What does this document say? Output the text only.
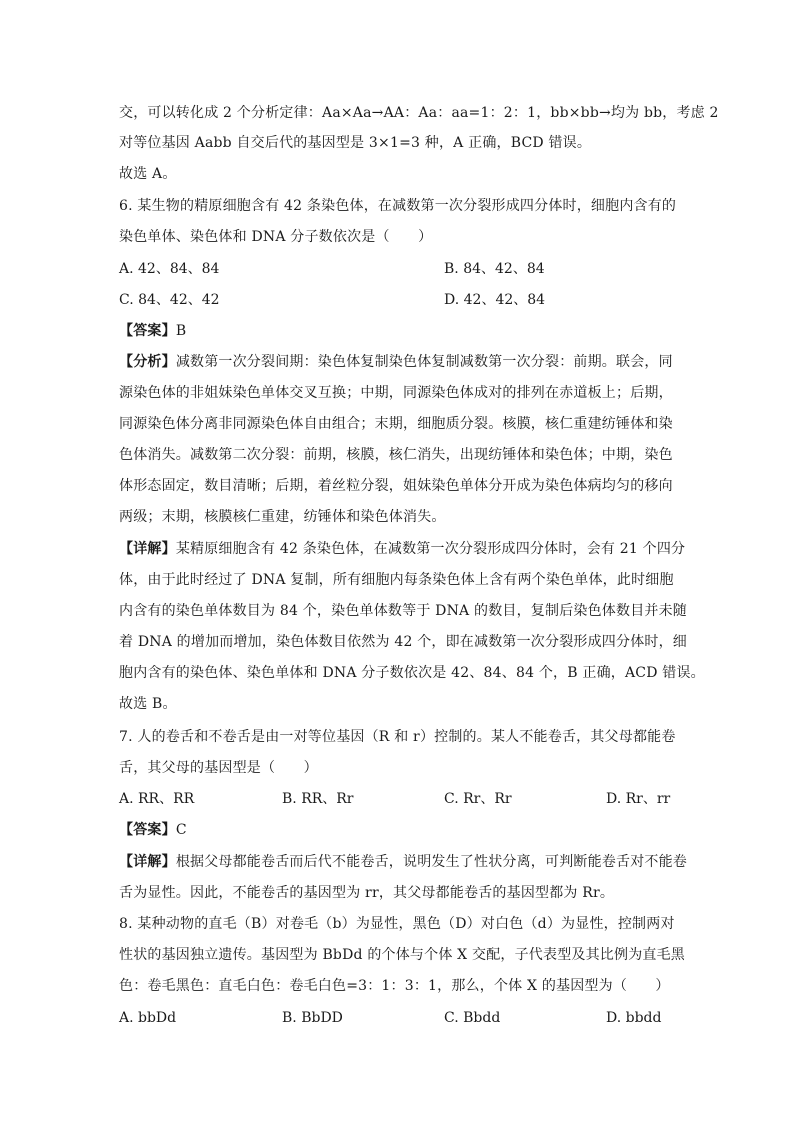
交，可以转化成 2 个分析定律：Aa×Aa→AA：Aa：aa=1：2：1，bb×bb→均为 bb，考虑 2
对等位基因 Aabb 自交后代的基因型是 3×1=3 种，A 正确，BCD 错误。
故选 A。
6. 某生物的精原细胞含有 42 条染色体，在减数第一次分裂形成四分体时，细胞内含有的
染色单体、染色体和 DNA 分子数依次是（　　）
A. 42、84、84	B. 84、42、84
C. 84、42、42	D. 42、42、84
【答案】B
【分析】减数第一次分裂间期：染色体复制染色体复制减数第一次分裂：前期。联会，同
源染色体的非姐妹染色单体交叉互换；中期，同源染色体成对的排列在赤道板上；后期，
同源染色体分离非同源染色体自由组合；末期，细胞质分裂。核膜，核仁重建纺锤体和染
色体消失。减数第二次分裂：前期，核膜，核仁消失，出现纺锤体和染色体；中期，染色
体形态固定，数目清晰；后期，着丝粒分裂，姐妹染色单体分开成为染色体病均匀的移向
两级；末期，核膜核仁重建，纺锤体和染色体消失。
【详解】某精原细胞含有 42 条染色体，在减数第一次分裂形成四分体时，会有 21 个四分
体，由于此时经过了 DNA 复制，所有细胞内每条染色体上含有两个染色单体，此时细胞
内含有的染色单体数目为 84 个，染色单体数等于 DNA 的数目，复制后染色体数目并未随
着 DNA 的增加而增加，染色体数目依然为 42 个，即在减数第一次分裂形成四分体时，细
胞内含有的染色体、染色单体和 DNA 分子数依次是 42、84、84 个，B 正确，ACD 错误。
故选 B。
7. 人的卷舌和不卷舌是由一对等位基因（R 和 r）控制的。某人不能卷舌，其父母都能卷
舌，其父母的基因型是（　　）
A. RR、RR	B. RR、Rr	C. Rr、Rr	D. Rr、rr
【答案】C
【详解】根据父母都能卷舌而后代不能卷舌，说明发生了性状分离，可判断能卷舌对不能卷
舌为显性。因此，不能卷舌的基因型为 rr，其父母都能卷舌的基因型都为 Rr。
8. 某种动物的直毛（B）对卷毛（b）为显性，黑色（D）对白色（d）为显性，控制两对
性状的基因独立遗传。基因型为 BbDd 的个体与个体 X 交配，子代表型及其比例为直毛黑
色：卷毛黑色：直毛白色：卷毛白色=3：1：3：1，那么，个体 X 的基因型为（　　）
A. bbDd	B. BbDD	C. Bbdd	D. bbdd
